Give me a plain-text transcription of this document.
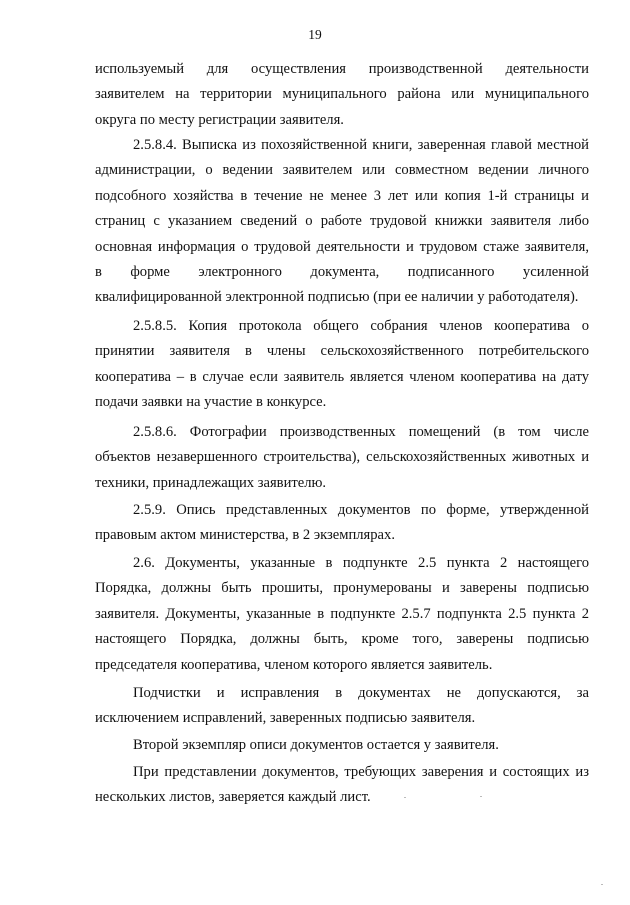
19
используемый для осуществления производственной деятельности
заявителем на территории муниципального района или муниципального
округа по месту регистрации заявителя.
2.5.8.4. Выписка из похозяйственной книги, заверенная главой местной
администрации, о ведении заявителем или совместном ведении личного
подсобного хозяйства в течение не менее 3 лет или копия 1-й страницы и
страниц с указанием сведений о работе трудовой книжки заявителя либо
основная информация о трудовой деятельности и трудовом стаже заявителя,
в форме электронного документа, подписанного усиленной
квалифицированной электронной подписью (при ее наличии у работодателя).
2.5.8.5. Копия протокола общего собрания членов кооператива о
принятии заявителя в члены сельскохозяйственного потребительского
кооператива – в случае если заявитель является членом кооператива на дату
подачи заявки на участие в конкурсе.
2.5.8.6. Фотографии производственных помещений (в том числе
объектов незавершенного строительства), сельскохозяйственных животных и
техники, принадлежащих заявителю.
2.5.9. Опись представленных документов по форме, утвержденной
правовым актом министерства, в 2 экземплярах.
2.6. Документы, указанные в подпункте 2.5 пункта 2 настоящего
Порядка, должны быть прошиты, пронумерованы и заверены подписью
заявителя. Документы, указанные в подпункте 2.5.7 подпункта 2.5 пункта 2
настоящего Порядка, должны быть, кроме того, заверены подписью
председателя кооператива, членом которого является заявитель.
Подчистки и исправления в документах не допускаются, за
исключением исправлений, заверенных подписью заявителя.
Второй экземпляр описи документов остается у заявителя.
При представлении документов, требующих заверения и состоящих из
нескольких листов, заверяется каждый лист.
